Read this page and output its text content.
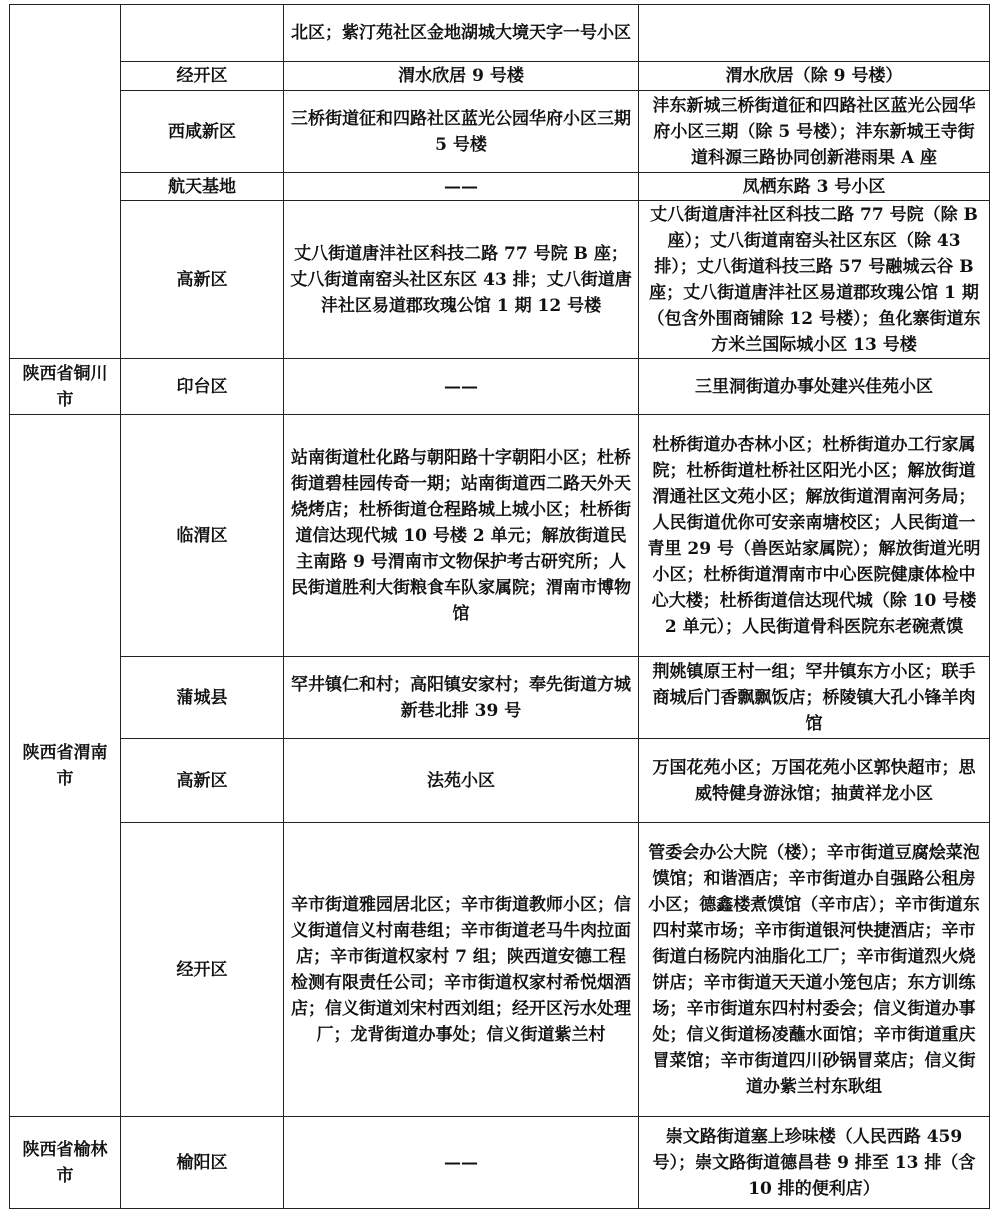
		北区；紫汀苑社区金地湖城大境天字一号小区	
	经开区	渭水欣居 9 号楼	渭水欣居（除 9 号楼）
	西咸新区	三桥街道征和四路社区蓝光公园华府小区三期 5 号楼	沣东新城三桥街道征和四路社区蓝光公园华府小区三期（除 5 号楼）；沣东新城王寺街道科源三路协同创新港雨果 A 座
	航天基地	——	凤栖东路 3 号小区
	高新区	丈八街道唐沣社区科技二路 77 号院 B 座；丈八街道南窑头社区东区 43 排；丈八街道唐沣社区易道郡玫瑰公馆 1 期 12 号楼	丈八街道唐沣社区科技二路 77 号院（除 B 座）；丈八街道南窑头社区东区（除 43 排）；丈八街道科技三路 57 号融城云谷 B 座；丈八街道唐沣社区易道郡玫瑰公馆 1 期（包含外围商铺除 12 号楼）；鱼化寨街道东方米兰国际城小区 13 号楼
陕西省铜川市	印台区	——	三里洞街道办事处建兴佳苑小区
陕西省渭南市	临渭区	站南街道杜化路与朝阳路十字朝阳小区；杜桥街道碧桂园传奇一期；站南街道西二路天外天烧烤店；杜桥街道仓程路城上城小区；杜桥街道信达现代城 10 号楼 2 单元；解放街道民主南路 9 号渭南市文物保护考古研究所；人民街道胜利大街粮食车队家属院；渭南市博物馆	杜桥街道办杏林小区；杜桥街道办工行家属院；杜桥街道杜桥社区阳光小区；解放街道渭通社区文苑小区；解放街道渭南河务局；人民街道优你可安亲南塘校区；人民街道一青里 29 号（兽医站家属院）；解放街道光明小区；杜桥街道渭南市中心医院健康体检中心大楼；杜桥街道信达现代城（除 10 号楼 2 单元）；人民街道骨科医院东老碗煮馍
	蒲城县	罕井镇仁和村；高阳镇安家村；奉先街道方城新巷北排 39 号	荆姚镇原王村一组；罕井镇东方小区；联手商城后门香飘飘饭店；桥陵镇大孔小锋羊肉馆
	高新区	法苑小区	万国花苑小区；万国花苑小区郭快超市；思威特健身游泳馆；抽黄祥龙小区
	经开区	辛市街道雅园居北区；辛市街道教师小区；信义街道信义村南巷组；辛市街道老马牛肉拉面店；辛市街道权家村 7 组；陕西道安德工程检测有限责任公司；辛市街道权家村希悦烟酒店；信义街道刘宋村西刘组；经开区污水处理厂；龙背街道办事处；信义街道紫兰村	管委会办公大院（楼）；辛市街道豆腐烩菜泡馍馆；和谐酒店；辛市街道办自强路公租房小区；德鑫楼煮馍馆（辛市店）；辛市街道东四村菜市场；辛市街道银河快捷酒店；辛市街道白杨院内油脂化工厂；辛市街道烈火烧饼店；辛市街道天天道小笼包店；东方训练场；辛市街道东四村村委会；信义街道办事处；信义街道杨凌蘸水面馆；辛市街道重庆冒菜馆；辛市街道四川砂锅冒菜店；信义街道办紫兰村东耿组
陕西省榆林市	榆阳区	——	崇文路街道塞上珍味楼（人民西路 459 号）；崇文路街道德昌巷 9 排至 13 排（含 10 排的便利店）
